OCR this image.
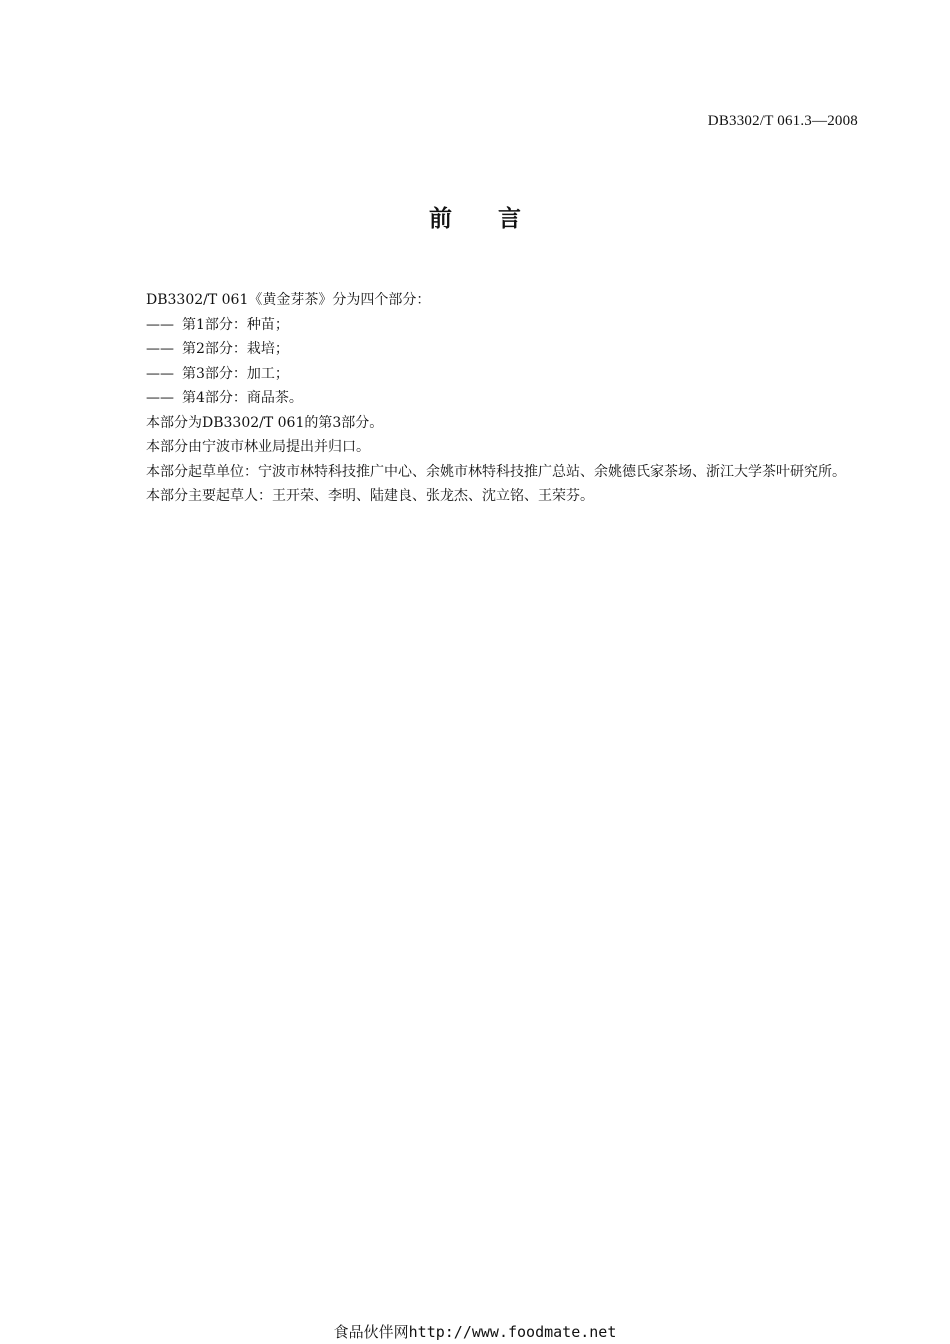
DB3302/T 061.3—2008
前 言

DB3302/T 061《黄金芽茶》分为四个部分：

—— 第1部分：种苗；

—— 第2部分：栽培；

—— 第3部分：加工；

—— 第4部分：商品茶。

本部分为DB3302/T 061的第3部分。

本部分由宁波市林业局提出并归口。

本部分起草单位：宁波市林特科技推广中心、余姚市林特科技推广总站、余姚德氏家茶场、浙江大学茶叶研究所。

本部分主要起草人：王开荣、李明、陆建良、张龙杰、沈立铭、王荣芬。

食品伙伴网http://www.foodmate.net
